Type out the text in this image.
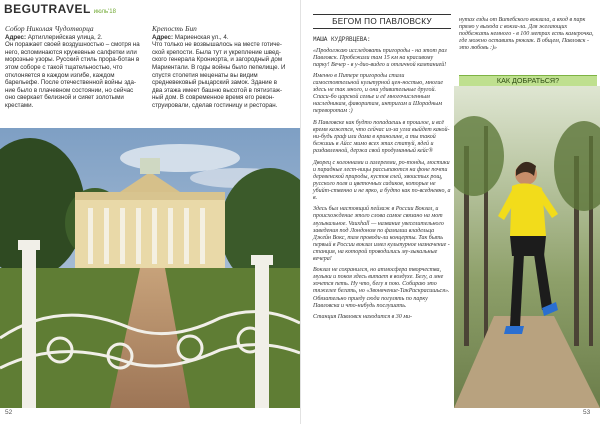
BEGUTRAVEL июль'18
Собор Николая Чудотворца
Адрес: Артиллерийская улица, 2.
Он поражает своей воздушностью – смотря на него, вспоминаются кружевные салфетки или морозные узоры. Русский стиль прора-ботан в этом соборе с такой тщательностью, что отклоняется в каждом изгибе, каждом барельефе. После отечественной войны зда-ние было в плачевном состоянии, но сейчас оно сверкает белизной и сияет золотыми крестами.
Крепость Бип
Адрес: Мариенская ул., 4.
Что только не возвышалось на месте готиче-ской крепости. Была тут и укрепление швед-ского генерала Крониорта, и загородный дом Мариентали. В годы войны было пепелище. И спустя столетия меценаты вы видим средневековый рыцарский замок. Здание в два этажа имеет башню высотой в пятиэтаж-ный дом. В современное время его рекон-струировали, сделав гостиницу и ресторан.
52
БЕГОМ ПО ПАВЛОВСКУ
МАША КУДРЯВЦЕВА:

«Продолжаю исследовать пригороды - на этот раз Павловск. Пробежали там 15 км на красивому парку! Вечер - в у-дио-видео и отличной кампанией!

Именно в Питере пригороды стали самостоятельной культурной цен-ностью, многие здесь не так много, и они удивительные другой. Спаси-бо царской семье и её многочисленным наследникам, фаворитам, интригам и Шорадным переворотам :)

В Павловске как будто попадаешь в прошлое, и всё время кажется, что сейчас из-за угла выйдет какой-ни-будь граф или дама в кринолине, а ты такой бежишь в Айсс мимо всех этих статуй, ядей и раздавленной, держа свой продуманный кейс®

Дворец с колоннами и галереями, ро-тонды, мостики и парадные лест-ницы рассыпаются на фоне почти деревенской природы, кустов елей, хвоистых рощ, русского поля и цветочных садиков, которые не убийт-ственно и не ярко, а будто как по-вседневно, а в.

Здесь был настоящий пейзаж в России Вокзал, и происхождение этого слова самое связано на мот музыкальное. Vauxhall — название увеселительного заведения под Лондоном по фамилии владельца Джейн Вокс, там проводи-ли концерты. Так быть первый в России вокзал имел культурное назначение - станция, на которой проводились му-зыкальные вечера!

Вокзал не сохранился, но атмосфера творчества, музыки и покоя здесь витает в воздухе. Бегу, а мне хочется петь. Ну что, бегу я пою. Собираю это тяжелее бегать, но «Звонячение-ТакРаскрасишься». Обязательно приеду сюда погулять по парку Павловска и что-нибудь послушать.

Станция Павловск находится в 30 ми-

нутах езды от Витебского вокзала, а вход в парк прямо у выхода с вокза-ла. Для желающих подбежать немного - в 100 метрах есть камерочка, где можно оставить рюкзак. В общем, Павловск - это любовь :)»
КАК ДОБРАТЬСЯ?

53
